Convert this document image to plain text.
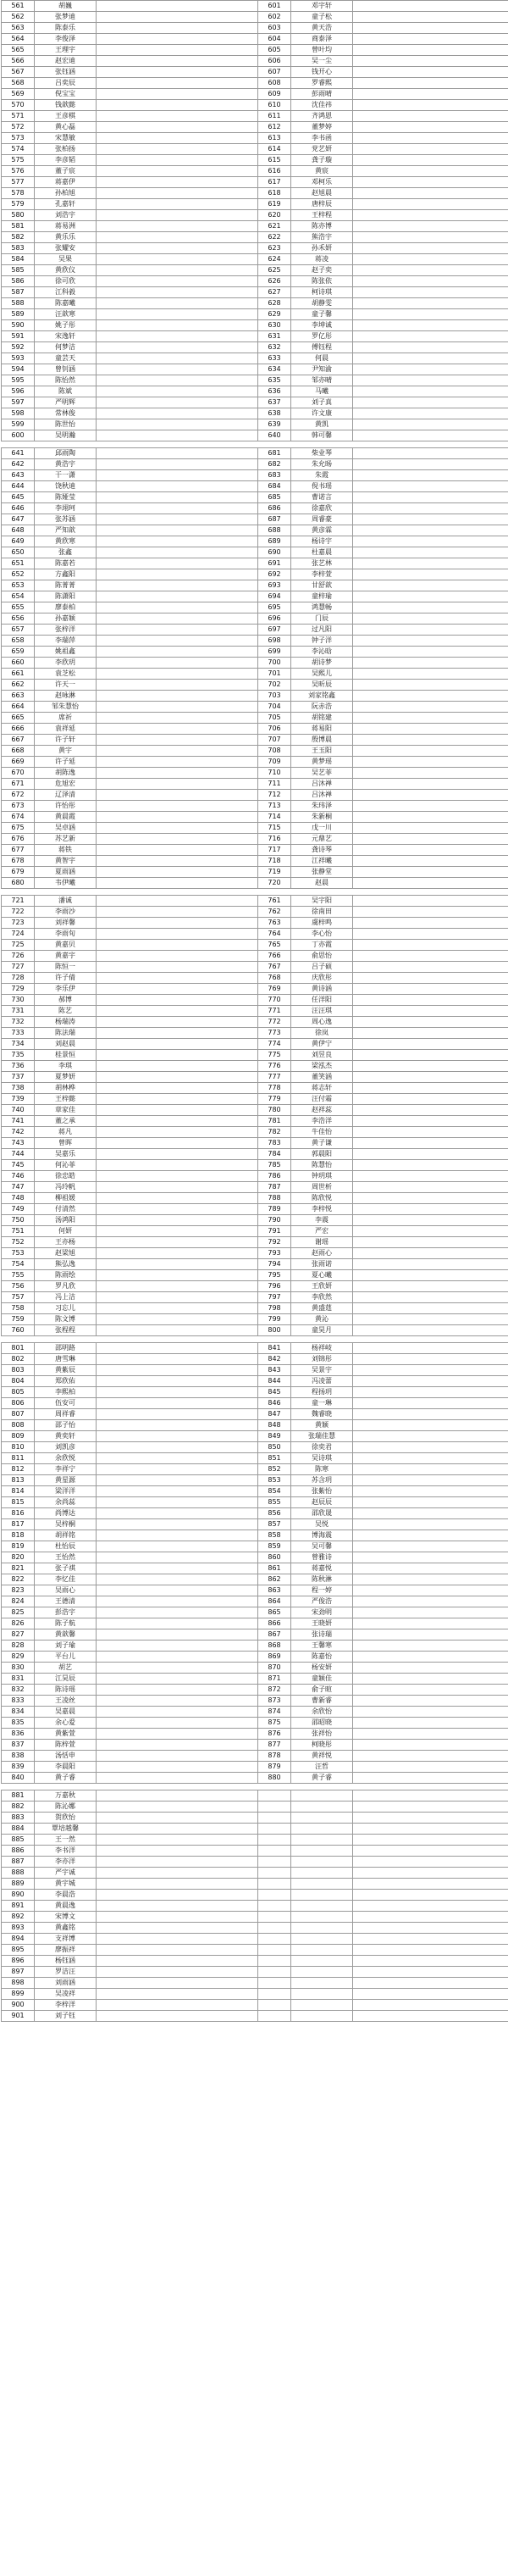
561	胡巍		601	邓宇轩	
562	张梦迪		602	童子松	
563	陈泰乐		603	黄天浩	
564	李俊泽		604	商泰泽	
565	王理宇		605	曾叶均	
566	赵宏迪		606	吴一尘	
567	张钰涵		607	钱开心	
568	吕奕辰		608	罗睿熙	
569	倪宝宝		609	彭雨晴	
570	钱歆懿		610	沈佳祎	
571	王彦棋		611	齐鸿恩	
572	黄心磊		612	董梦婷	
573	宋慧敏		613	李书函	
574	张柏扬		614	党艺妍	
575	李彦韬		615	龚子璇	
576	董子宸		616	黄宸	
577	蒋嘉伊		617	邓柯乐	
578	孙柏旭		618	赵旭晨	
579	孔嘉轩		619	唐梓辰	
580	刘浩宇		620	王梓程	
581	蒋易洲		621	陈亦博	
582	黄乐乐		622	熊浩宇	
583	张耀安		623	孙禾妍	
584	吴果		624	蒋凌	
585	黄欣仪		625	赵子奕	
586	徐可欣		626	陈张依	
587	江科毅		627	柯诗琪	
588	陈嘉曦		628	胡静雯	
589	汪歆寒		629	童子馨	
590	姚子彤		630	李坤诚	
591	宋逸轩		631	罗亿彤	
592	何梦洁		632	傅钰程	
593	童芸天		633	何晨	
594	曾钊涵		634	尹知渝	
595	陈怡然		635	邹亦晴	
596	陈斌		636	马曦	
597	严明辉		637	刘子真	
598	常林俊		638	许文康	
599	陈世怡		639	黄凯	
600	吴明瀚		640	韩可馨	
641	邱雨陶		681	柴业琴	
642	黄浩宇		682	朱允旸	
643	干一潇		683	朱霞	
644	饶秋迪		684	倪书瑶	
645	陈娅莹		685	曹诺言	
646	李翊珂		686	徐嘉欣	
647	张苏涵		687	周睿豪	
648	严知歆		688	黄彦霖	
649	黄欣寒		689	杨诗宇	
650	张鑫		690	杜嘉晨	
651	陈嘉若		691	张艺林	
652	方鑫阳		692	李梓萱	
653	陈菁菁		693	甘舒歆	
654	陈潇阳		694	童梓瑜	
655	廖泰柏		695	鸿慧畅	
656	孙嘉颖		696	门辰	
657	张梓洋		697	过凡阳	
658	李瑞萍		698	钟子洋	
659	姚祖鑫		699	李沁晗	
660	李欣玥		700	胡诗梦	
661	袁芝松		701	吴熙儿	
662	许天一		702	吴昕辰	
663	赵咏淋		703	刘家铭鑫	
664	邹朱慧怡		704	阮赤浩	
665	席祈		705	胡铭建	
666	袁祥延		706	蒋易阳	
667	许子轩		707	殷博晨	
668	黄宇		708	王玉阳	
669	许子延		709	黄梦瑶	
670	胡陈逸		710	吴艺菲	
671	危旭宏		711	吕沐禅	
672	辽泽清		712	吕沐禅	
673	许怡彤		713	朱玮泽	
674	黄晨霞		714	朱新桐	
675	吴卓涵		715	戊一川	
676	苏艺新		716	元鼎艺	
677	蒋铁		717	龚诗琴	
678	黄智宇		718	江祥曦	
679	夏雨涵		719	张静堂	
680	韦伊曦		720	赵晨	
721	潘诚		761	吴宇阳	
722	李雨沙		762	徐南田	
723	刘祥馨		763	虞梓鸣	
724	李雨旬		764	李心怡	
725	黄嘉贝		765	丁亦霞	
726	黄嘉宇		766	俞思怡	
727	陈恒一		767	吕子硕	
728	许子倩		768	庆欣彤	
729	李乐伊		769	黄诗涵	
730	郝博		770	任洋阳	
731	陈艺		771	汪汪琪	
732	杨瑞涛		772	周心逸	
733	陈法瑞		773	徐岚	
734	刘赵晨		774	黄伊宁	
735	桂景恒		775	刘昱良	
736	李琪		776	梁泓杰	
737	夏梦妍		777	董笑涵	
738	胡林桦		778	蒋志轩	
739	王梓懿		779	汪付霜	
740	章家佳		780	赵祥蕊	
741	董之承		781	李浩洋	
742	蒋凡		782	牛佳怡	
743	曾晖		783	黄子谦	
744	吴嘉乐		784	郭晨阳	
745	何沁菲		785	陈慧怡	
746	徐忠皓		786	钟玥琪	
747	冯玲帆		787	周世析	
748	柳祖媛		788	陈欣悦	
749	付清然		789	李梓悦	
750	汤鸿阳		790	李震	
751	何妍		791	严宏	
752	王亦杨		792	谢瑶	
753	赵梁旭		793	赵雨心	
754	熊弘逸		794	张雨诺	
755	陈雨绘		795	夏心曦	
756	罗凡欣		796	王欣妍	
757	冯上洁		797	李欣然	
758	习忘儿		798	黄盛莛	
759	陈文博		799	黄沁	
760	张程程		800	童昊月	
801	邵明路		841	杨祥岐	
802	唐雪琳		842	刘锦彤	
803	黄紫辰		843	吴景宇	
804	郑欣佑		844	冯凌蕾	
805	李熙柏		845	程扬玥	
806	伍安可		846	童一琳	
807	周祥睿		847	魏睿晓	
808	邵子怡		848	黄颖	
809	黄奕轩		849	张瑞佳慧	
810	刘凯彦		850	徐奕君	
811	余欣悦		851	吴诗琪	
812	李祥宁		852	陈寒	
813	黄星源		853	苏含玥	
814	梁洋洋		854	张紫怡	
815	余尚蕊		855	赵辰辰	
816	尚博达		856	邵欣晟	
817	吴梓桐		857	吴悦	
818	胡祥铭		858	博海震	
819	杜怡辰		859	吴可馨	
820	王怡然		860	曾雅诗	
821	张子祺		861	蒋嘉悦	
822	李忆佳		862	陈秋淋	
823	吴雨心		863	程一婷	
824	王德清		864	严俊浩	
825	彭浩宇		865	宋劲明	
826	陈子航		866	王晓妍	
827	黄歆馨		867	张诗瑞	
828	刘子瑜		868	王馨寒	
829	平台儿		869	陈嘉怡	
830	胡艺		870	杨安妍	
831	江昊辰		871	童颖佳	
832	陈诗瑶		872	俞子暄	
833	王凌丝		873	曹新睿	
834	吴嘉晨		874	余欣怡	
835	余心爱		875	邵昭晓	
836	黄紫萱		876	张祥怡	
837	陈梓萱		877	柯晓彤	
838	汤恬申		878	黄祥悦	
839	李晨阳		879	汪哲	
840	黄子睿		880	黄子睿	
881	万嘉秋				
882	陈沁娜				
883	贺欣怡				
884	覃培越馨				
885	王一然				
886	李书洋				
887	李亦洋				
888	严宇诚				
889	黄宇城				
890	李晨浩				
891	黄晨逸				
892	宋博文				
893	黄鑫铭				
894	支祥博				
895	廖振祥				
896	杨钰涵				
897	罗洁汪				
898	刘雨涵				
899	吴凌祥				
900	李梓洋				
901	刘子钰				
